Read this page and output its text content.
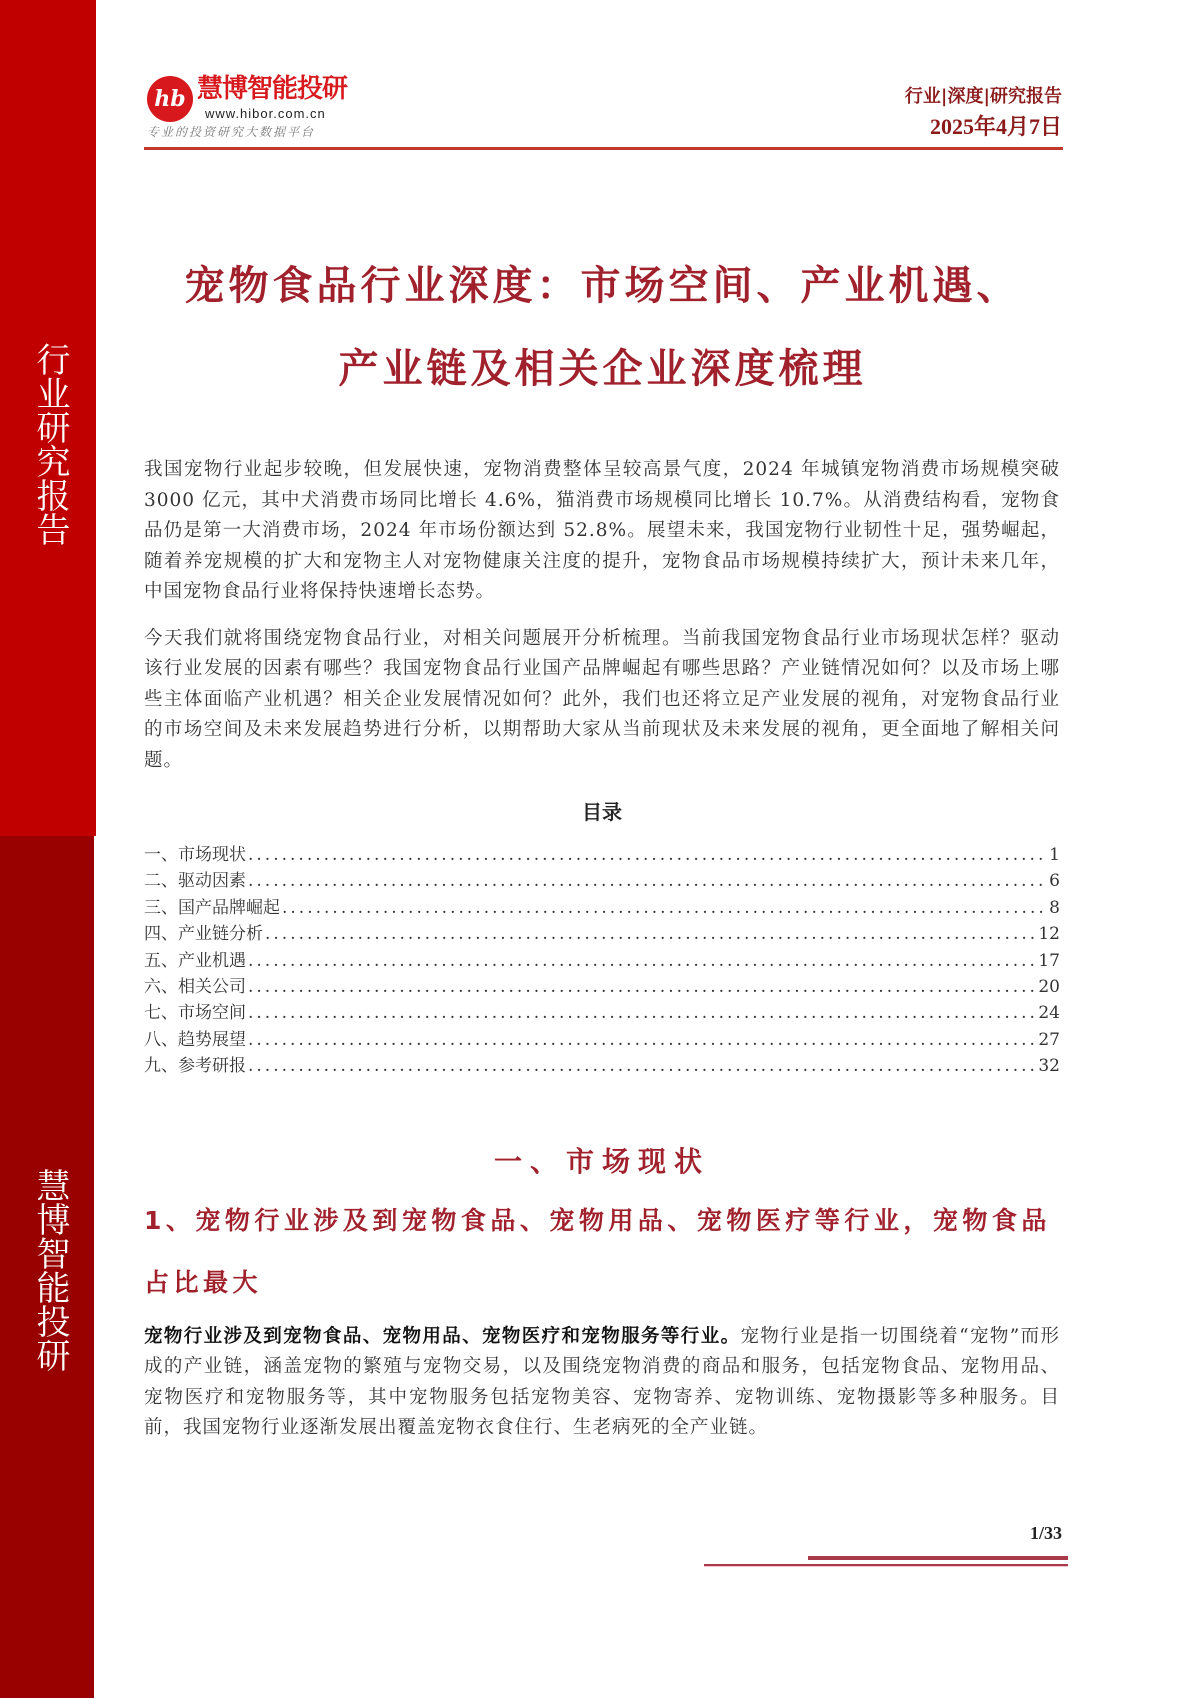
行业研究报告
慧博智能投研
hb 慧博智能投研
www.hibor.com.cn
专业的投资研究大数据平台
行业|深度|研究报告
2025年4月7日
宠物食品行业深度：市场空间、产业机遇、
产业链及相关企业深度梳理

我国宠物行业起步较晚，但发展快速，宠物消费整体呈较高景气度，2024 年城镇宠物消费市场规模突破 3000 亿元，其中犬消费市场同比增长 4.6%，猫消费市场规模同比增长 10.7%。从消费结构看，宠物食品仍是第一大消费市场，2024 年市场份额达到 52.8%。展望未来，我国宠物行业韧性十足，强势崛起，随着养宠规模的扩大和宠物主人对宠物健康关注度的提升，宠物食品市场规模持续扩大，预计未来几年，中国宠物食品行业将保持快速增长态势。

今天我们就将围绕宠物食品行业，对相关问题展开分析梳理。当前我国宠物食品行业市场现状怎样？驱动该行业发展的因素有哪些？我国宠物食品行业国产品牌崛起有哪些思路？产业链情况如何？以及市场上哪些主体面临产业机遇？相关企业发展情况如何？此外，我们也还将立足产业发展的视角，对宠物食品行业的市场空间及未来发展趋势进行分析，以期帮助大家从当前现状及未来发展的视角，更全面地了解相关问题。

目录
一、市场现状 .....	1
二、驱动因素 .....	6
三、国产品牌崛起 .....	8
四、产业链分析 .....	12
五、产业机遇 .....	17
六、相关公司 .....	20
七、市场空间 .....	24
八、趋势展望 .....	27
九、参考研报 .....	32
一、市场现状
1、宠物行业涉及到宠物食品、宠物用品、宠物医疗等行业，宠物食品占比最大

宠物行业涉及到宠物食品、宠物用品、宠物医疗和宠物服务等行业。宠物行业是指一切围绕着“宠物”而形成的产业链，涵盖宠物的繁殖与宠物交易，以及围绕宠物消费的商品和服务，包括宠物食品、宠物用品、宠物医疗和宠物服务等，其中宠物服务包括宠物美容、宠物寄养、宠物训练、宠物摄影等多种服务。目前，我国宠物行业逐渐发展出覆盖宠物衣食住行、生老病死的全产业链。

1/33
